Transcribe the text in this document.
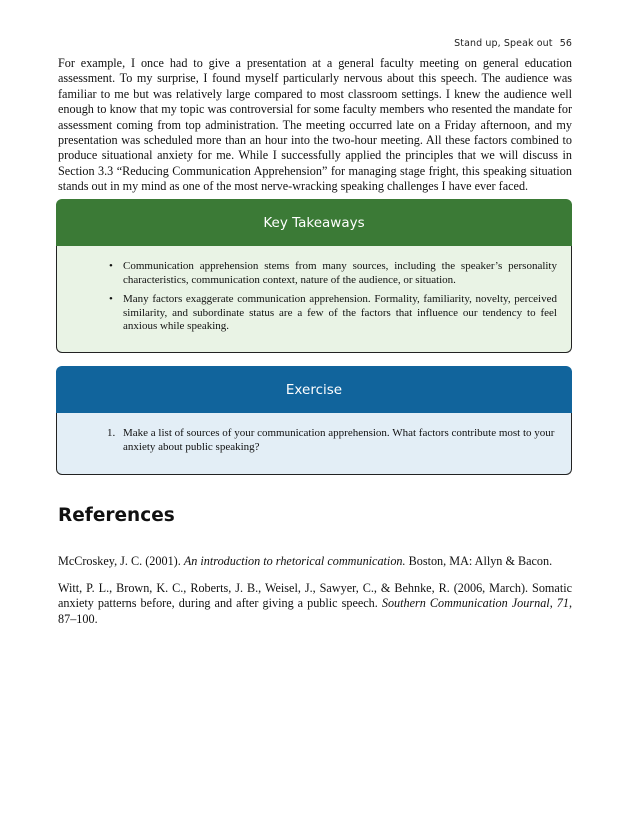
Stand up, Speak out 56

For example, I once had to give a presentation at a general faculty meeting on general education assessment. To my surprise, I found myself particularly nervous about this speech. The audience was familiar to me but was relatively large compared to most classroom settings. I knew the audience well enough to know that my topic was controversial for some faculty members who resented the mandate for assessment coming from top administration. The meeting occurred late on a Friday afternoon, and my presentation was scheduled more than an hour into the two-hour meeting. All these factors combined to produce situational anxiety for me. While I successfully applied the principles that we will discuss in Section 3.3 “Reducing Communication Apprehension” for managing stage fright, this speaking situation stands out in my mind as one of the most nerve-wracking speaking challenges I have ever faced.

Key Takeaways
• Communication apprehension stems from many sources, including the speaker’s personality characteristics, communication context, nature of the audience, or situation.
• Many factors exaggerate communication apprehension. Formality, familiarity, novelty, perceived similarity, and subordinate status are a few of the factors that influence our tendency to feel anxious while speaking.
Exercise
1. Make a list of sources of your communication apprehension. What factors contribute most to your anxiety about public speaking?
References

McCroskey, J. C. (2001). An introduction to rhetorical communication. Boston, MA: Allyn & Bacon.

Witt, P. L., Brown, K. C., Roberts, J. B., Weisel, J., Sawyer, C., & Behnke, R. (2006, March). Somatic anxiety patterns before, during and after giving a public speech. Southern Communication Journal, 71, 87–100.
